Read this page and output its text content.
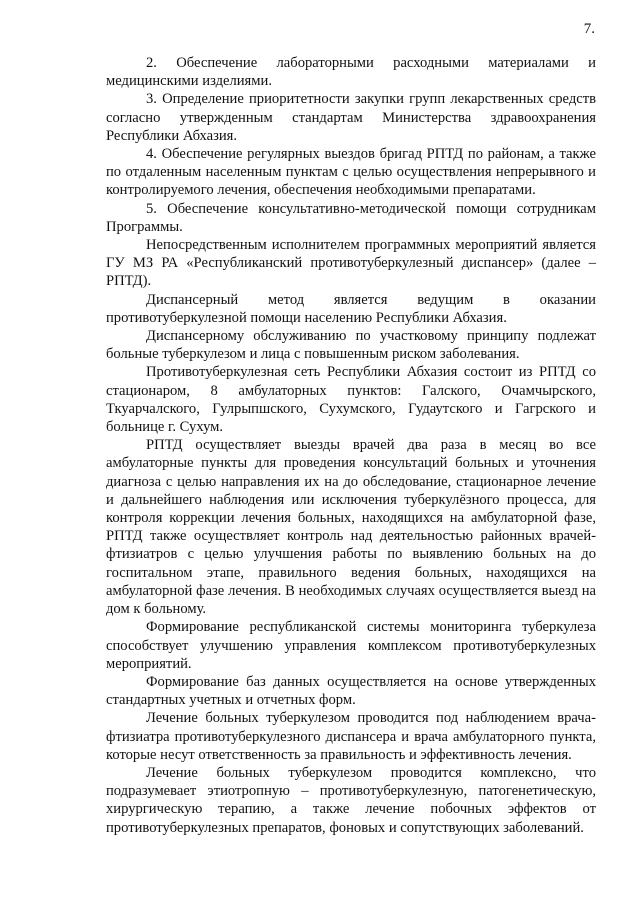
7.

2. Обеспечение лабораторными расходными материалами и медицинскими изделиями.

3. Определение приоритетности закупки групп лекарственных средств согласно утвержденным стандартам Министерства здравоохранения Республики Абхазия.

4. Обеспечение регулярных выездов бригад РПТД по районам, а также по отдаленным населенным пунктам с целью осуществления непрерывного и контролируемого лечения, обеспечения необходимыми препаратами.

5. Обеспечение консультативно-методической помощи сотрудникам Программы.

Непосредственным исполнителем программных мероприятий является ГУ МЗ РА «Республиканский противотуберкулезный диспансер» (далее – РПТД).

Диспансерный метод является ведущим в оказании противотуберкулезной помощи населению Республики Абхазия.

Диспансерному обслуживанию по участковому принципу подлежат больные туберкулезом и лица с повышенным риском заболевания.

Противотуберкулезная сеть Республики Абхазия состоит из РПТД со стационаром, 8 амбулаторных пунктов: Галского, Очамчырского, Ткуарчалского, Гулрыпшского, Сухумского, Гудаутского и Гагрского и больнице г. Сухум.

РПТД осуществляет выезды врачей два раза в месяц во все амбулаторные пункты для проведения консультаций больных и уточнения диагноза с целью направления их на до обследование, стационарное лечение и дальнейшего наблюдения или исключения туберкулёзного процесса, для контроля коррекции лечения больных, находящихся на амбулаторной фазе, РПТД также осуществляет контроль над деятельностью районных врачей-фтизиатров с целью улучшения работы по выявлению больных на до госпитальном этапе, правильного ведения больных, находящихся на амбулаторной фазе лечения. В необходимых случаях осуществляется выезд на дом к больному.

Формирование республиканской системы мониторинга туберкулеза способствует улучшению управления комплексом противотуберкулезных мероприятий.

Формирование баз данных осуществляется на основе утвержденных стандартных учетных и отчетных форм.

Лечение больных туберкулезом проводится под наблюдением врача-фтизиатра противотуберкулезного диспансера и врача амбулаторного пункта, которые несут ответственность за правильность и эффективность лечения.

Лечение больных туберкулезом проводится комплексно, что подразумевает этиотропную – противотуберкулезную, патогенетическую, хирургическую терапию, а также лечение побочных эффектов от противотуберкулезных препаратов, фоновых и сопутствующих заболеваний.
